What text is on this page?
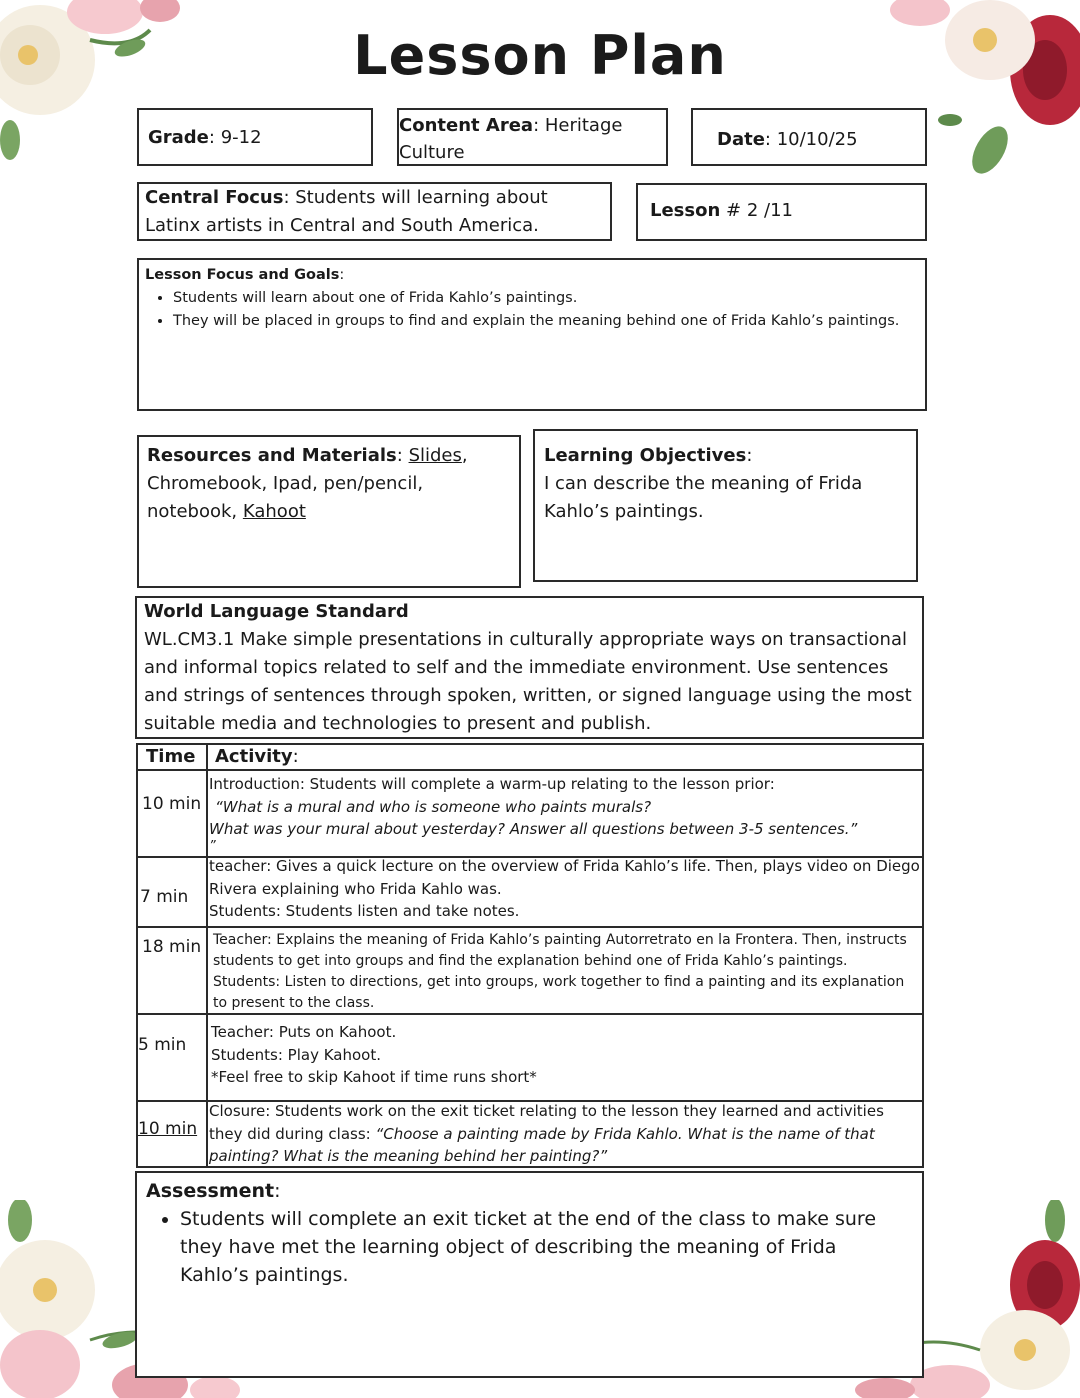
Lesson Plan
Grade: 9-12
Content Area: Heritage Culture
Date: 10/10/25
Central Focus: Students will learning about Latinx artists in Central and South America.
Lesson # 2 /11
Lesson Focus and Goals:
• Students will learn about one of Frida Kahlo’s paintings.
• They will be placed in groups to find and explain the meaning behind one of Frida Kahlo’s paintings.
Resources and Materials: Slides, Chromebook, Ipad, pen/pencil, notebook, Kahoot
Learning Objectives:
I can describe the meaning of Frida Kahlo’s paintings.
World Language Standard
WL.CM3.1 Make simple presentations in culturally appropriate ways on transactional and informal topics related to self and the immediate environment. Use sentences and strings of sentences through spoken, written, or signed language using the most suitable media and technologies to present and publish.
Time	Activity:
10 min
Introduction: Students will complete a warm-up relating to the lesson prior:
“What is a mural and who is someone who paints murals?
What was your mural about yesterday? Answer all questions between 3-5 sentences.”
”
7 min
teacher: Gives a quick lecture on the overview of Frida Kahlo’s life. Then, plays video on Diego Rivera explaining who Frida Kahlo was.
Students: Students listen and take notes.
18 min Teacher: Explains the meaning of Frida Kahlo’s painting Autorretrato en la Frontera. Then, instructs students to get into groups and find the explanation behind one of Frida Kahlo’s paintings.
Students: Listen to directions, get into groups, work together to find a painting and its explanation to present to the class.
5 min
Teacher: Puts on Kahoot.
Students: Play Kahoot.
*Feel free to skip Kahoot if time runs short*
10 min
Closure: Students work on the exit ticket relating to the lesson they learned and activities they did during class: “Choose a painting made by Frida Kahlo. What is the name of that painting? What is the meaning behind her painting?”
Assessment:
• Students will complete an exit ticket at the end of the class to make sure they have met the learning object of describing the meaning of Frida Kahlo’s paintings.
